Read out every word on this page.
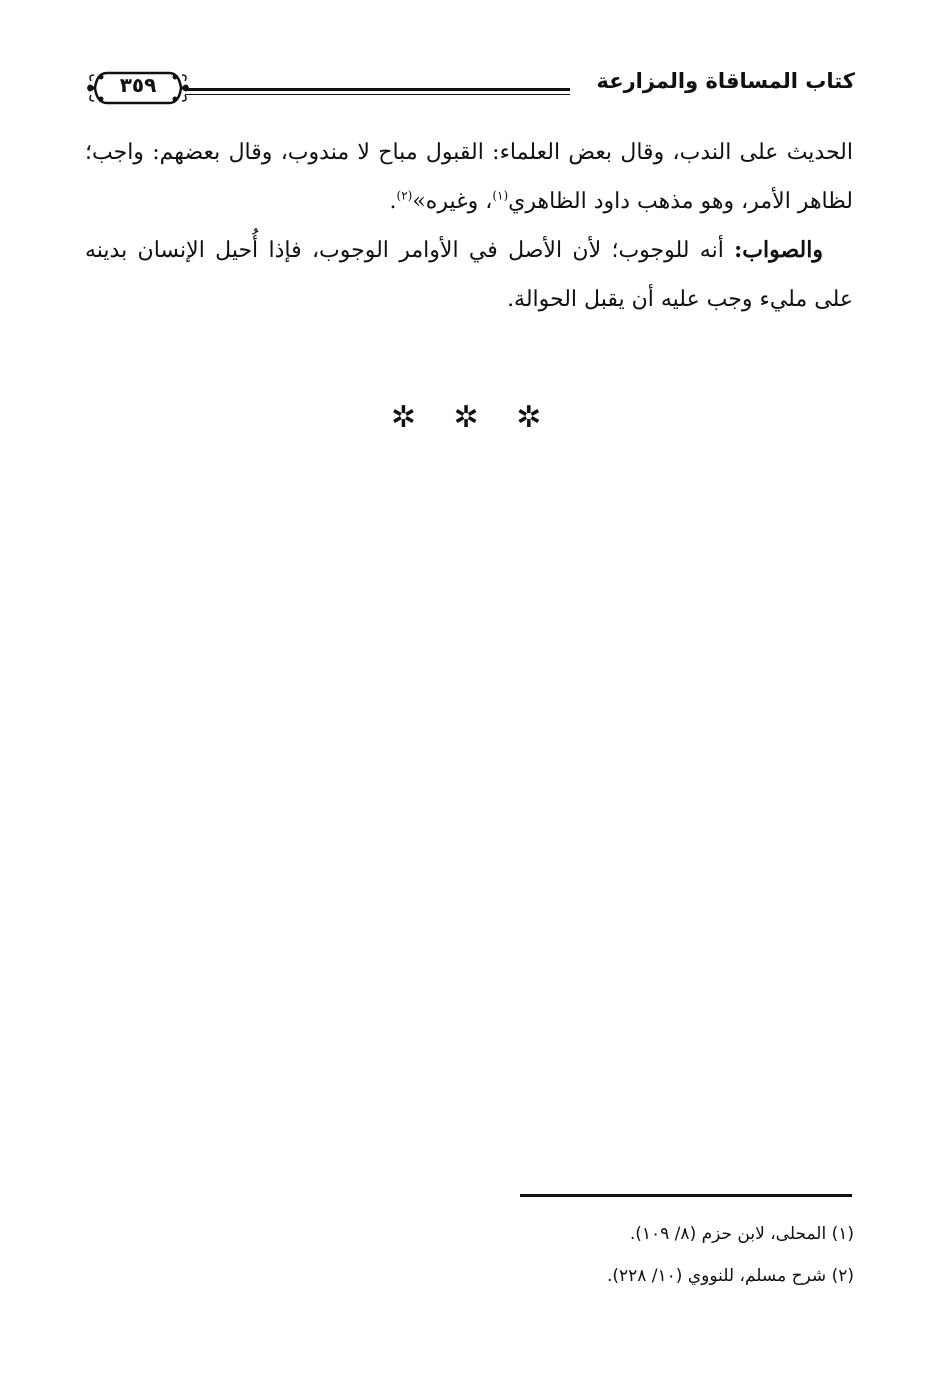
كتاب المساقاة والمزارعة
٣٥٩

الحديث على الندب، وقال بعض العلماء: القبول مباح لا مندوب، وقال بعضهم: واجب؛ لظاهر الأمر، وهو مذهب داود الظاهري$^{(١)}$، وغيره»$^{(٢)}$.

والصواب: أنه للوجوب؛ لأن الأصل في الأوامر الوجوب، فإذا أُحيل الإنسان بدينه على مليء وجب عليه أن يقبل الحوالة.

✲ ✲ ✲

(١) المحلى، لابن حزم (٨/ ١٠٩).

(٢) شرح مسلم، للنووي (١٠/ ٢٢٨).
